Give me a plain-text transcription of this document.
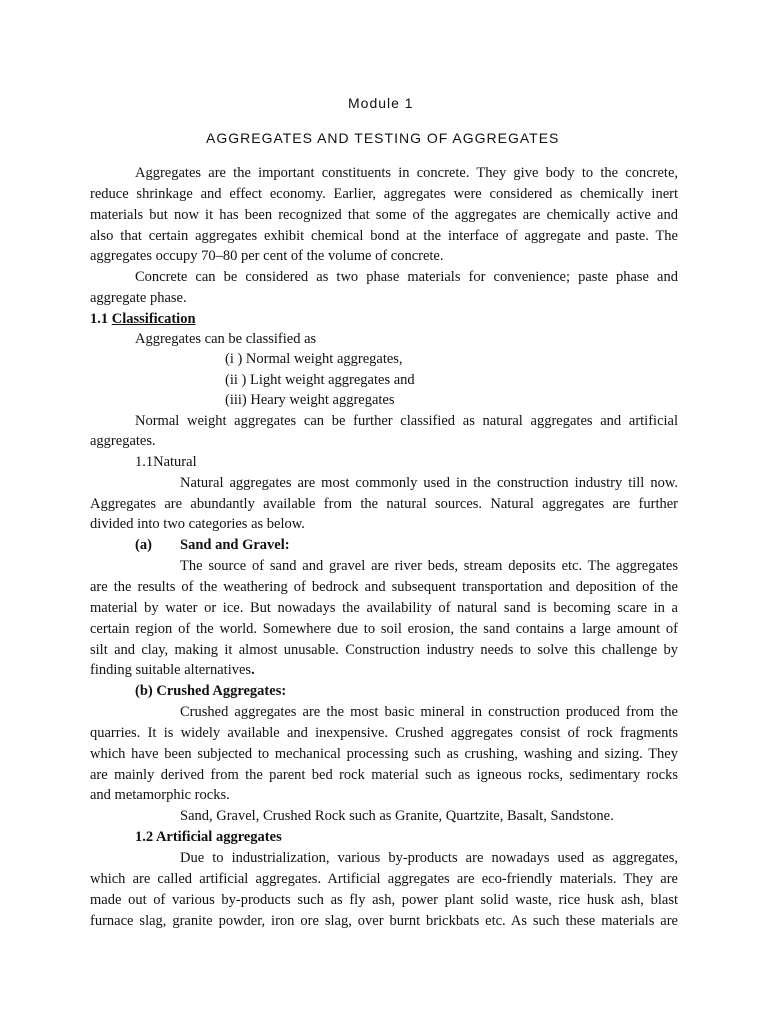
Module 1

AGGREGATES AND TESTING OF AGGREGATES

Aggregates are the important constituents in concrete. They give body to the concrete,
reduce shrinkage and effect economy. Earlier, aggregates were considered as chemically inert
materials but now it has been recognized that some of the aggregates are chemically active and
also that certain aggregates exhibit chemical bond at the interface of aggregate and paste. The

aggregates occupy 70–80 per cent of the volume of concrete.

Concrete can be considered as two phase materials for convenience; paste phase and

aggregate phase.

1.1 Classification

Aggregates can be classified as

(i ) Normal weight aggregates,

(ii ) Light weight aggregates and

(iii) Heary weight aggregates

Normal weight aggregates can be further classified as natural aggregates and artificial

aggregates.

1.1Natural

Natural aggregates are most commonly used in the construction industry till now.
Aggregates are abundantly available from the natural sources. Natural aggregates are further

divided into two categories as below.

(a) Sand and Gravel:

The source of sand and gravel are river beds, stream deposits etc. The aggregates
are the results of the weathering of bedrock and subsequent transportation and deposition of the
material by water or ice. But nowadays the availability of natural sand is becoming scare in a
certain region of the world. Somewhere due to soil erosion, the sand contains a large amount of
silt and clay, making it almost unusable. Construction industry needs to solve this challenge by

finding suitable alternatives.

(b) Crushed Aggregates:

Crushed aggregates are the most basic mineral in construction produced from the
quarries. It is widely available and inexpensive. Crushed aggregates consist of rock fragments
which have been subjected to mechanical processing such as crushing, washing and sizing. They
are mainly derived from the parent bed rock material such as igneous rocks, sedimentary rocks

and metamorphic rocks.

Sand, Gravel, Crushed Rock such as Granite, Quartzite, Basalt, Sandstone.

1.2 Artificial aggregates

Due to industrialization, various by-products are nowadays used as aggregates,
which are called artificial aggregates. Artificial aggregates are eco-friendly materials. They are
made out of various by-products such as fly ash, power plant solid waste, rice husk ash, blast
furnace slag, granite powder, iron ore slag, over burnt brickbats etc. As such these materials are
